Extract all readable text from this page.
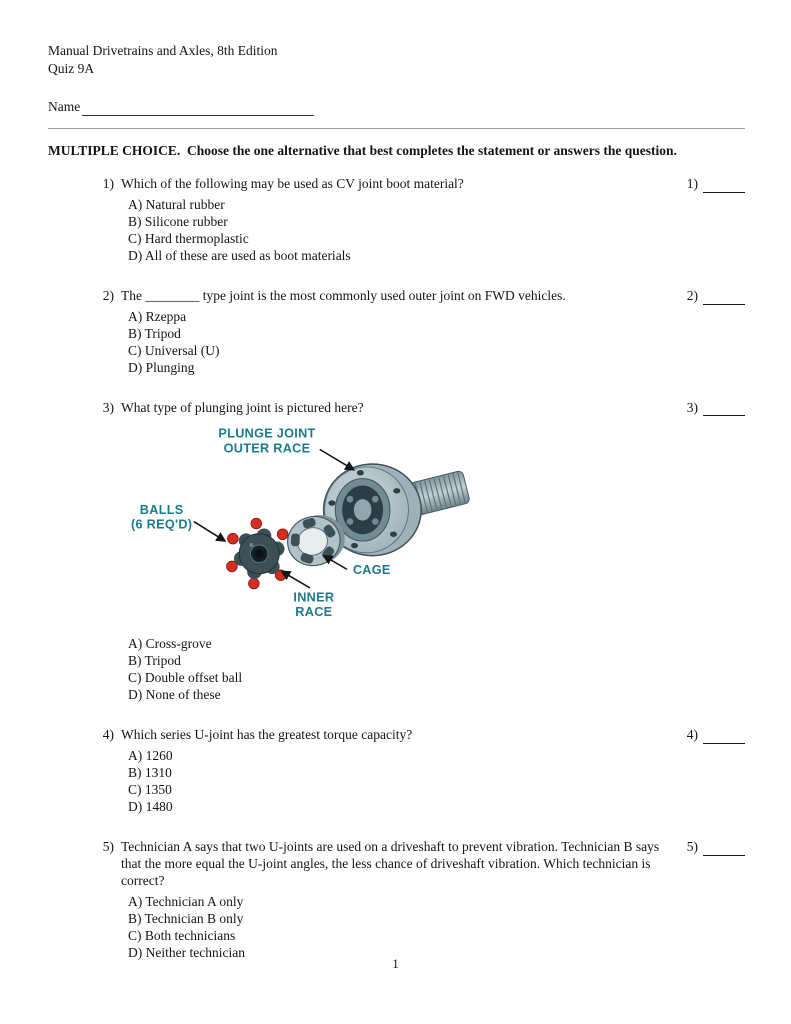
Manual Drivetrains and Axles, 8th Edition
Quiz 9A
Name
MULTIPLE CHOICE.  Choose the one alternative that best completes the statement or answers the question.
1) Which of the following may be used as CV joint boot material?
A) Natural rubber
B) Silicone rubber
C) Hard thermoplastic
D) All of these are used as boot materials
1)
2) The ________ type joint is the most commonly used outer joint on FWD vehicles.
A) Rzeppa
B) Tripod
C) Universal (U)
D) Plunging
2)
3) What type of plunging joint is pictured here?
PLUNGE JOINT
OUTER RACE
BALLS
(6 REQ'D)
CAGE
INNER
RACE
A) Cross-grove
B) Tripod
C) Double offset ball
D) None of these
3)
4) Which series U-joint has the greatest torque capacity?
A) 1260
B) 1310
C) 1350
D) 1480
4)
5) Technician A says that two U-joints are used on a driveshaft to prevent vibration. Technician B says that the more equal the U-joint angles, the less chance of driveshaft vibration. Which technician is correct?
A) Technician A only
B) Technician B only
C) Both technicians
D) Neither technician
5)
1
